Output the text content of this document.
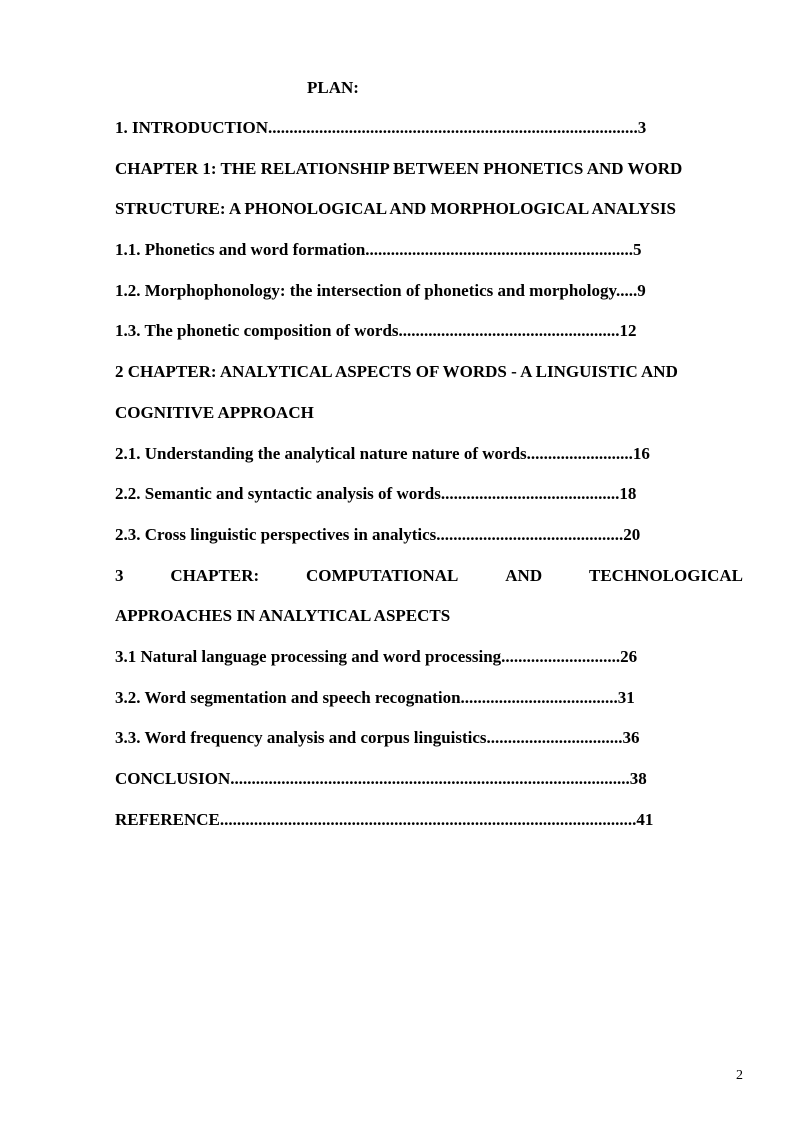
PLAN:
1. INTRODUCTION.......................................................................................3
CHAPTER 1: THE RELATIONSHIP BETWEEN PHONETICS AND WORD
STRUCTURE: A PHONOLOGICAL AND MORPHOLOGICAL ANALYSIS
1.1. Phonetics and word formation...............................................................5
1.2. Morphophonology: the intersection of phonetics and morphology.....9
1.3. The phonetic composition of words....................................................12
2 CHAPTER: ANALYTICAL ASPECTS OF WORDS - A LINGUISTIC AND
COGNITIVE APPROACH
2.1. Understanding the analytical nature nature of words.........................16
2.2. Semantic and syntactic analysis of words..........................................18
2.3. Cross linguistic perspectives in analytics............................................20
3	CHAPTER:	COMPUTATIONAL	AND	TECHNOLOGICAL
APPROACHES IN ANALYTICAL ASPECTS
3.1 Natural language processing and word processing............................26
3.2. Word segmentation and speech recognation.....................................31
3.3. Word frequency analysis and corpus linguistics................................36
CONCLUSION..............................................................................................38
REFERENCE..................................................................................................41
2
